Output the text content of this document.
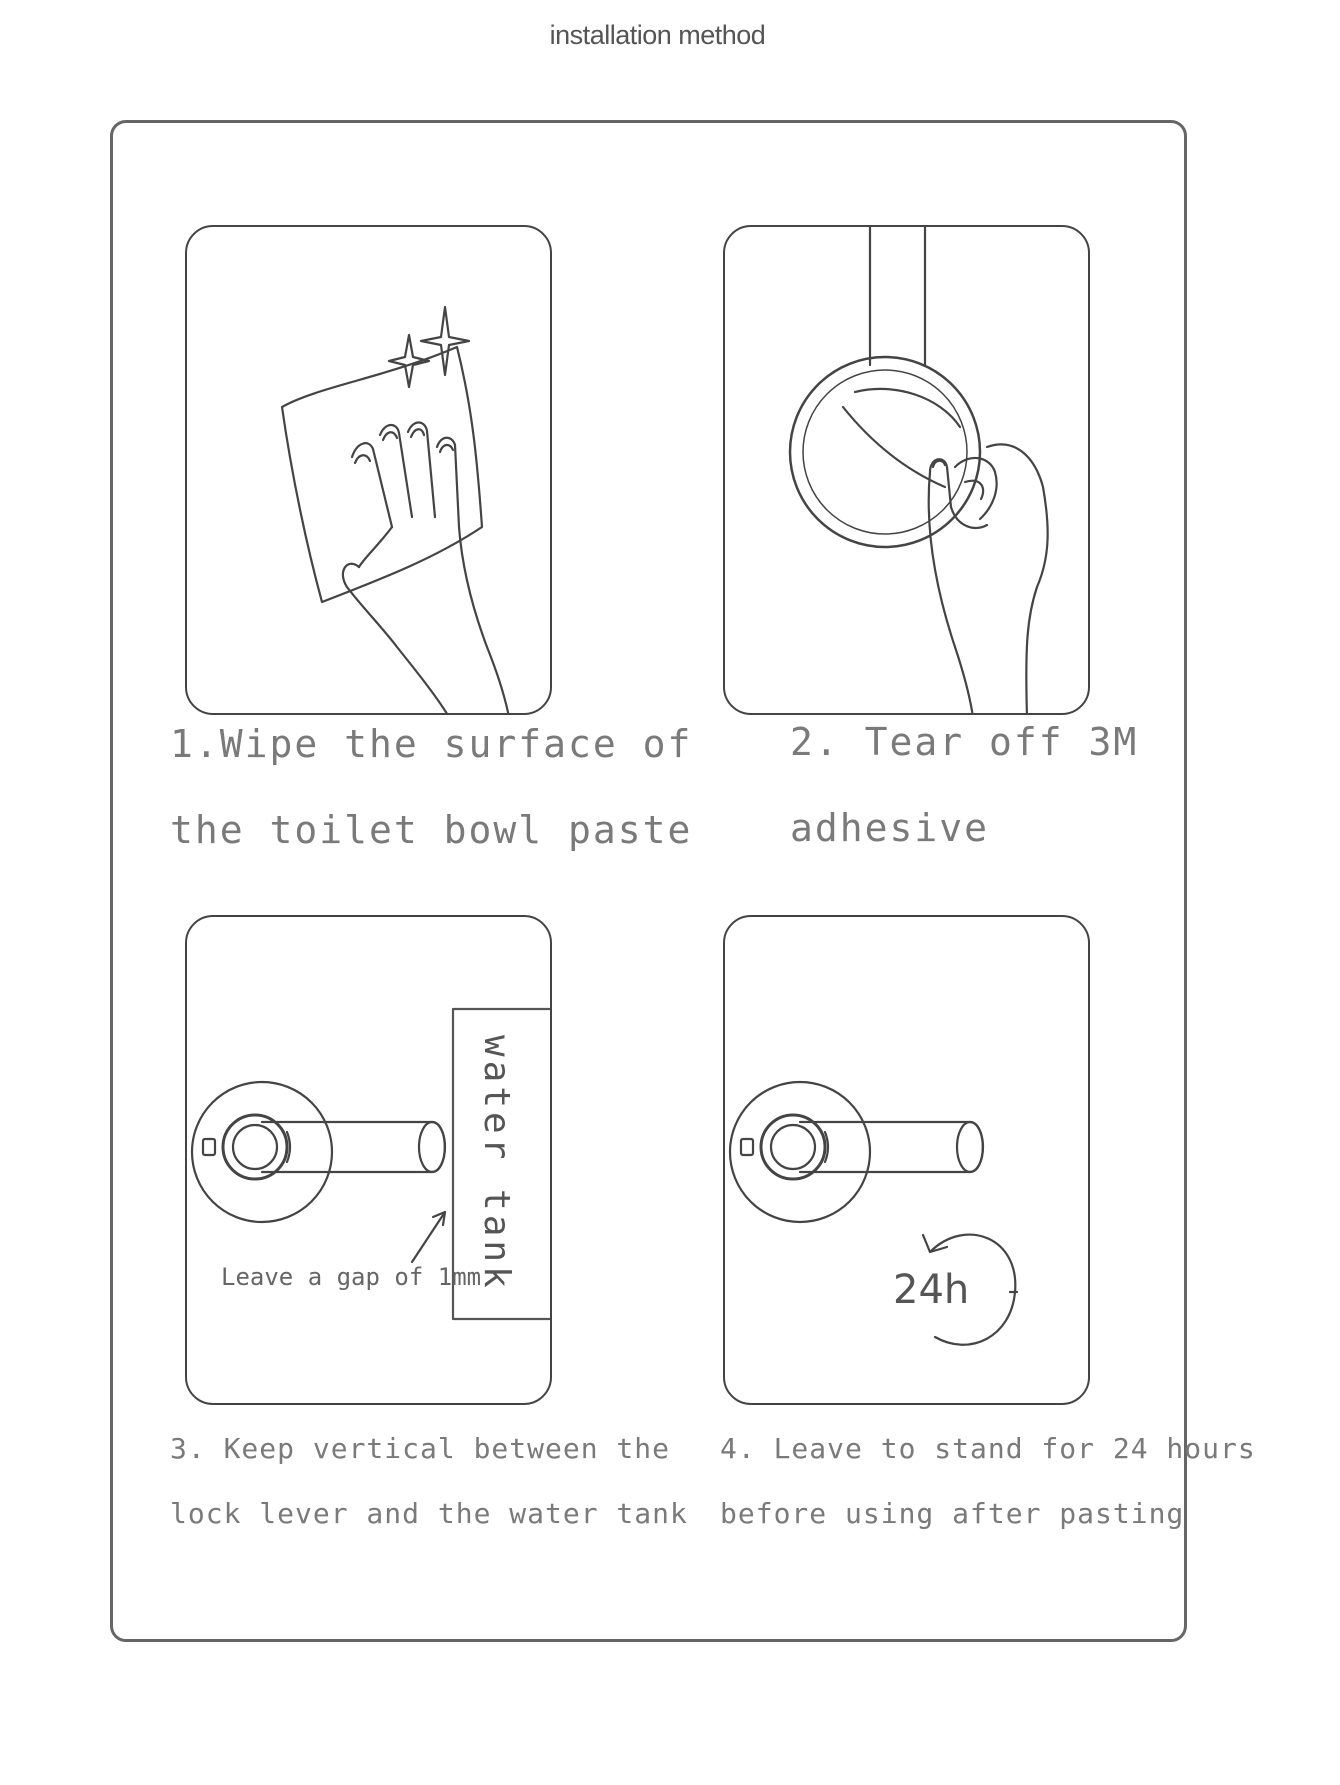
installation method
1.Wipe the surface of
the toilet bowl paste
2. Tear off 3M
adhesive
water tank
Leave a gap of 1mm	24h
3. Keep vertical between the
lock lever and the water tank
4. Leave to stand for 24 hours
before using after pasting
